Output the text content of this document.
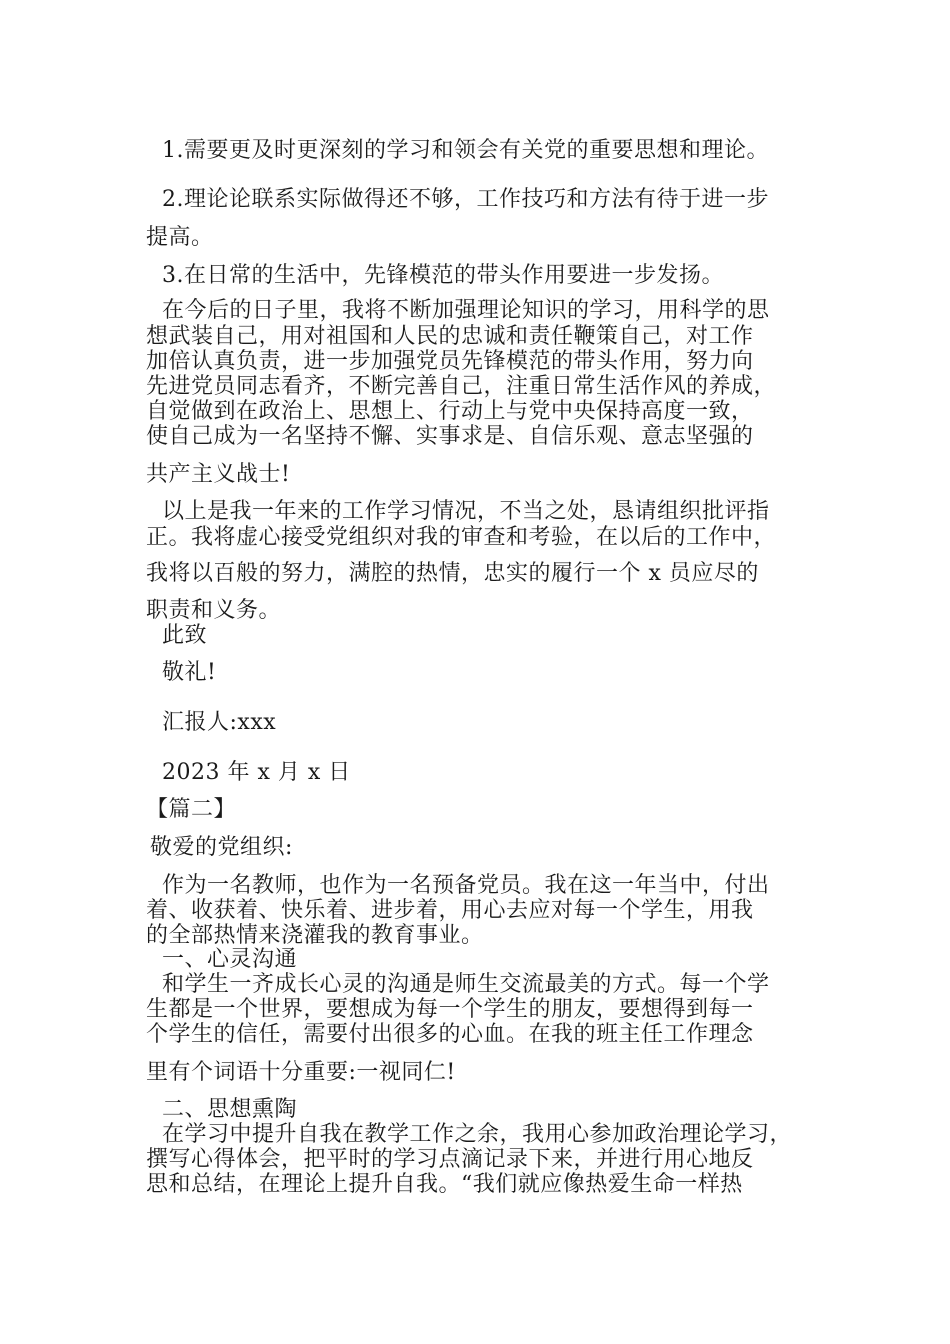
1.需要更及时更深刻的学习和领会有关党的重要思想和理论。
2.理论论联系实际做得还不够，工作技巧和方法有待于进一步
提高。
3.在日常的生活中，先锋模范的带头作用要进一步发扬。
在今后的日子里，我将不断加强理论知识的学习，用科学的思
想武装自己，用对祖国和人民的忠诚和责任鞭策自己，对工作
加倍认真负责，进一步加强党员先锋模范的带头作用，努力向
先进党员同志看齐，不断完善自己，注重日常生活作风的养成，
自觉做到在政治上、思想上、行动上与党中央保持高度一致，
使自己成为一名坚持不懈、实事求是、自信乐观、意志坚强的
共产主义战士!
以上是我一年来的工作学习情况，不当之处，恳请组织批评指
正。我将虚心接受党组织对我的审查和考验，在以后的工作中，
我将以百般的努力，满腔的热情，忠实的履行一个 x 员应尽的
职责和义务。
此致
敬礼!
汇报人:xxx
2023 年 x 月 x 日
【篇二】
敬爱的党组织:
作为一名教师，也作为一名预备党员。我在这一年当中，付出
着、收获着、快乐着、进步着，用心去应对每一个学生，用我
的全部热情来浇灌我的教育事业。
一、心灵沟通
和学生一齐成长心灵的沟通是师生交流最美的方式。每一个学
生都是一个世界，要想成为每一个学生的朋友，要想得到每一
个学生的信任，需要付出很多的心血。在我的班主任工作理念
里有个词语十分重要:一视同仁!
二、思想熏陶
在学习中提升自我在教学工作之余，我用心参加政治理论学习，
撰写心得体会，把平时的学习点滴记录下来，并进行用心地反
思和总结，在理论上提升自我。“我们就应像热爱生命一样热
